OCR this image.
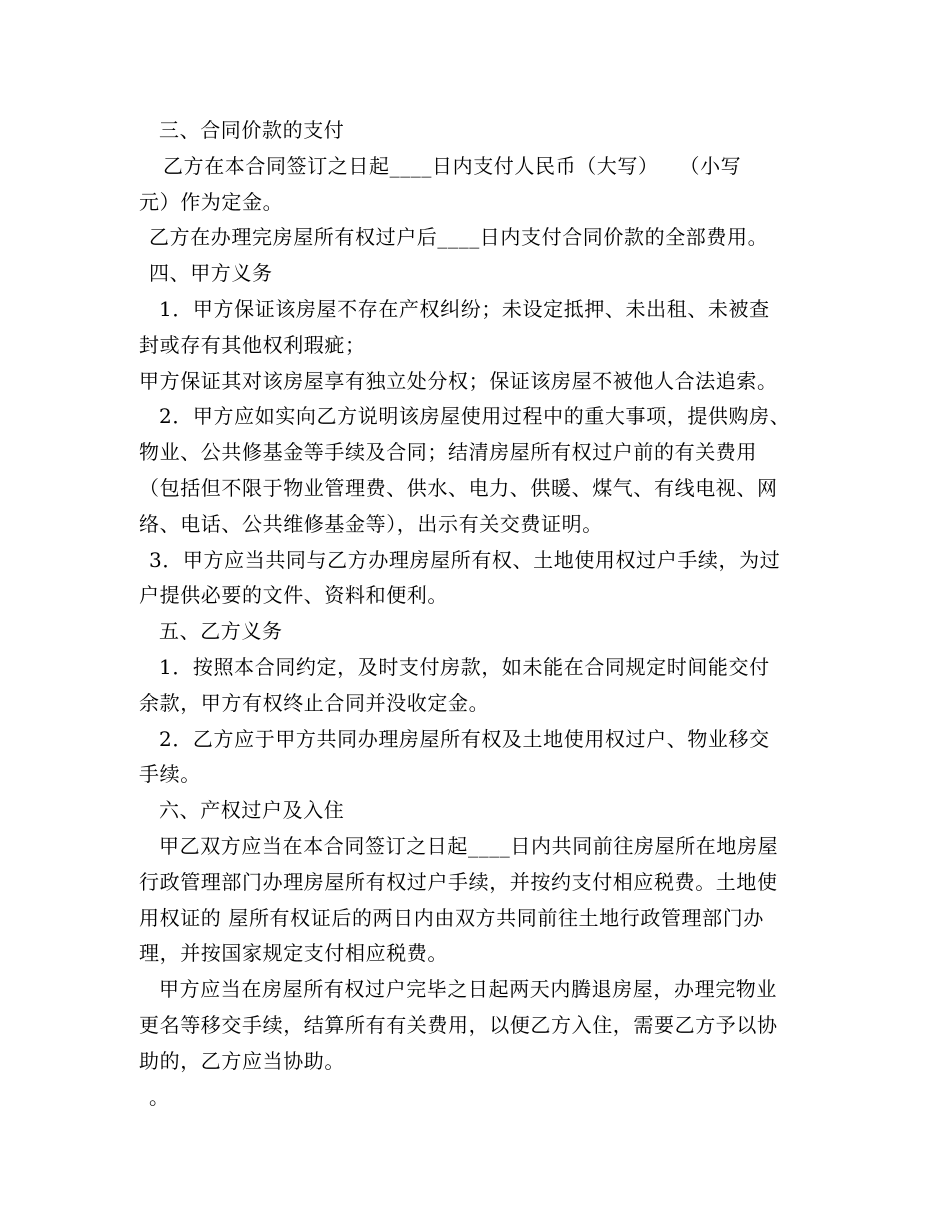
三、合同价款的支付
乙方在本合同签订之日起____日内支付人民币（大写）   （小写
元）作为定金。
乙方在办理完房屋所有权过户后____日内支付合同价款的全部费用。
四、甲方义务
1．甲方保证该房屋不存在产权纠纷；未设定抵押、未出租、未被查
封或存有其他权利瑕疵；
甲方保证其对该房屋享有独立处分权；保证该房屋不被他人合法追索。
2．甲方应如实向乙方说明该房屋使用过程中的重大事项，提供购房、
物业、公共修基金等手续及合同；结清房屋所有权过户前的有关费用
（包括但不限于物业管理费、供水、电力、供暖、煤气、有线电视、网
络、电话、公共维修基金等），出示有关交费证明。
3．甲方应当共同与乙方办理房屋所有权、土地使用权过户手续，为过
户提供必要的文件、资料和便利。
五、乙方义务
1．按照本合同约定，及时支付房款，如未能在合同规定时间能交付
余款，甲方有权终止合同并没收定金。
2．乙方应于甲方共同办理房屋所有权及土地使用权过户、物业移交
手续。
六、产权过户及入住
甲乙双方应当在本合同签订之日起____日内共同前往房屋所在地房屋
行政管理部门办理房屋所有权过户手续，并按约支付相应税费。土地使
用权证的 屋所有权证后的两日内由双方共同前往土地行政管理部门办
理，并按国家规定支付相应税费。
甲方应当在房屋所有权过户完毕之日起两天内腾退房屋，办理完物业
更名等移交手续，结算所有有关费用，以便乙方入住，需要乙方予以协
助的，乙方应当协助。
。
